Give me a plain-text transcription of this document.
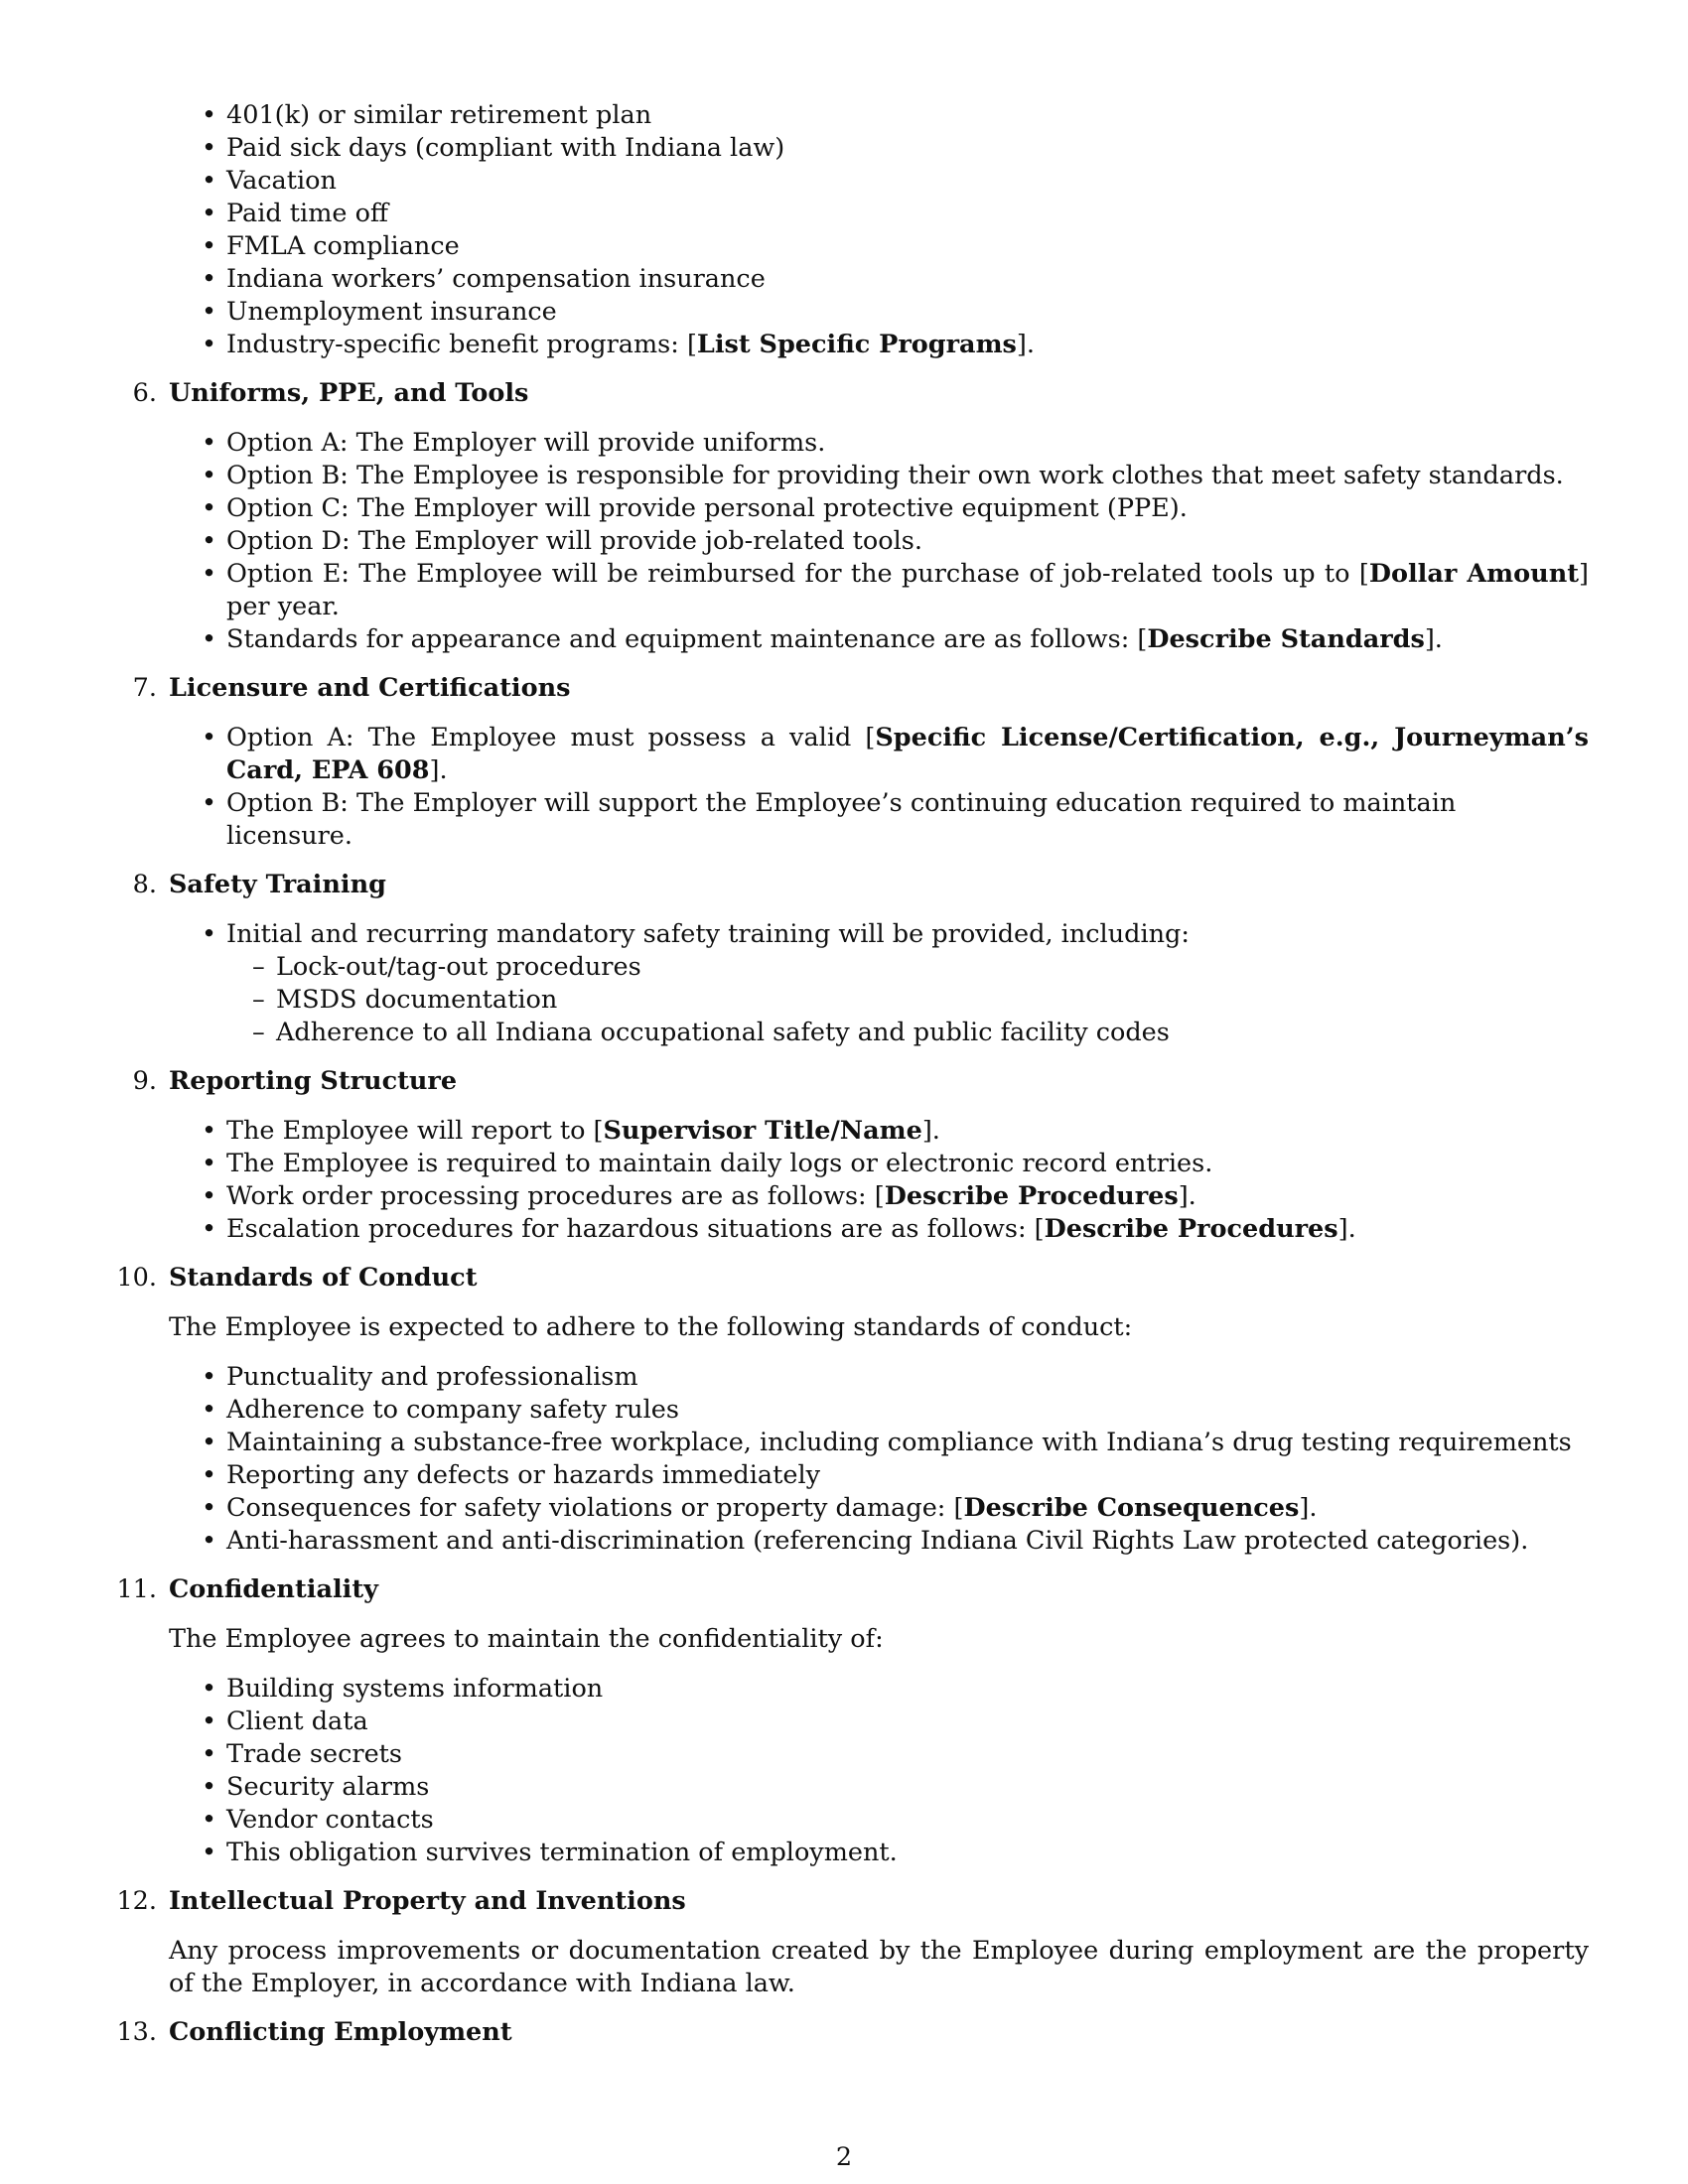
• 401(k) or similar retirement plan
• Paid sick days (compliant with Indiana law)
• Vacation
• Paid time off
• FMLA compliance
• Indiana workers’ compensation insurance
• Unemployment insurance
• Industry-specific benefit programs: [List Specific Programs].
6. Uniforms, PPE, and Tools
• Option A: The Employer will provide uniforms.
• Option B: The Employee is responsible for providing their own work clothes that meet safety standards.
• Option C: The Employer will provide personal protective equipment (PPE).
• Option D: The Employer will provide job-related tools.
• Option E: The Employee will be reimbursed for the purchase of job-related tools up to [Dollar Amount] per year.
• Standards for appearance and equipment maintenance are as follows: [Describe Standards].
7. Licensure and Certifications
• Option A: The Employee must possess a valid [Specific License/Certification, e.g., Journeyman’s Card, EPA 608].
• Option B: The Employer will support the Employee’s continuing education required to maintain licensure.
8. Safety Training
• Initial and recurring mandatory safety training will be provided, including:
– Lock-out/tag-out procedures
– MSDS documentation
– Adherence to all Indiana occupational safety and public facility codes
9. Reporting Structure
• The Employee will report to [Supervisor Title/Name].
• The Employee is required to maintain daily logs or electronic record entries.
• Work order processing procedures are as follows: [Describe Procedures].
• Escalation procedures for hazardous situations are as follows: [Describe Procedures].
10. Standards of Conduct
The Employee is expected to adhere to the following standards of conduct:
• Punctuality and professionalism
• Adherence to company safety rules
• Maintaining a substance-free workplace, including compliance with Indiana’s drug testing requirements
• Reporting any defects or hazards immediately
• Consequences for safety violations or property damage: [Describe Consequences].
• Anti-harassment and anti-discrimination (referencing Indiana Civil Rights Law protected categories).
11. Confidentiality
The Employee agrees to maintain the confidentiality of:
• Building systems information
• Client data
• Trade secrets
• Security alarms
• Vendor contacts
• This obligation survives termination of employment.
12. Intellectual Property and Inventions
Any process improvements or documentation created by the Employee during employment are the property of the Employer, in accordance with Indiana law.
13. Conflicting Employment
2
